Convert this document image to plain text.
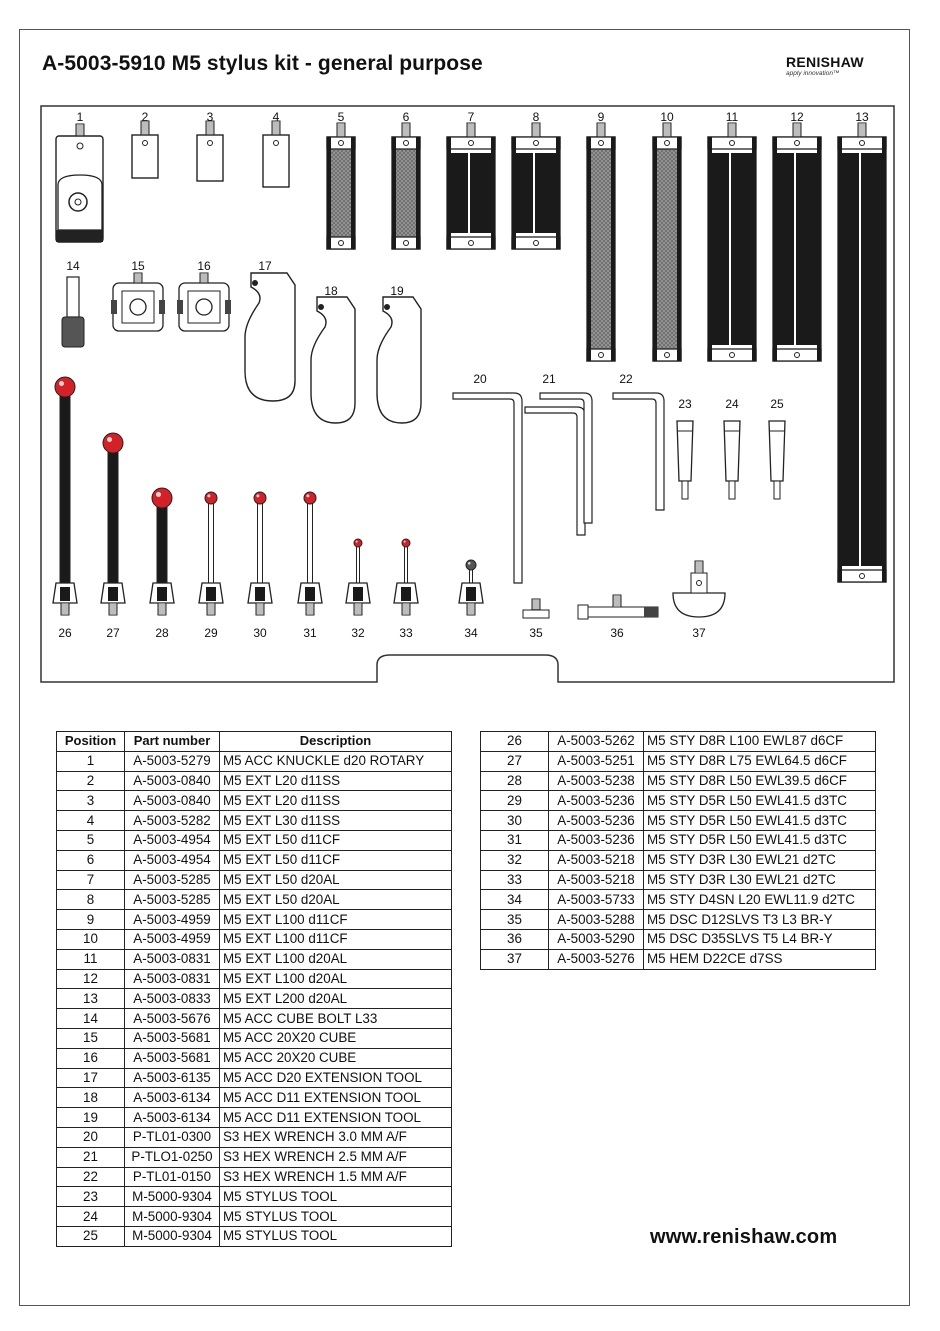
A-5003-5910 M5 stylus kit - general purpose	RENISHAW
apply innovation™
1	2	3	4	5	6	7	8	9	10	11	12	13
14	15	16	17
18	19
20	21	22
23	24	25
26	27	28	29	30	31	32	33	34	35	36	37
Position	Part number	Description
1	A-5003-5279	M5 ACC KNUCKLE d20 ROTARY
2	A-5003-0840	M5 EXT L20 d11SS
3	A-5003-0840	M5 EXT L20 d11SS
4	A-5003-5282	M5 EXT L30 d11SS
5	A-5003-4954	M5 EXT L50 d11CF
6	A-5003-4954	M5 EXT L50 d11CF
7	A-5003-5285	M5 EXT L50 d20AL
8	A-5003-5285	M5 EXT L50 d20AL
9	A-5003-4959	M5 EXT L100 d11CF
10	A-5003-4959	M5 EXT L100 d11CF
11	A-5003-0831	M5 EXT L100 d20AL
12	A-5003-0831	M5 EXT L100 d20AL
13	A-5003-0833	M5 EXT L200 d20AL
14	A-5003-5676	M5 ACC CUBE BOLT L33
15	A-5003-5681	M5 ACC 20X20 CUBE
16	A-5003-5681	M5 ACC 20X20 CUBE
17	A-5003-6135	M5 ACC D20 EXTENSION TOOL
18	A-5003-6134	M5 ACC D11 EXTENSION TOOL
19	A-5003-6134	M5 ACC D11 EXTENSION TOOL
20	P-TL01-0300	S3 HEX WRENCH 3.0 MM A/F
21	P-TLO1-0250	S3 HEX WRENCH 2.5 MM A/F
22	P-TL01-0150	S3 HEX WRENCH 1.5 MM A/F
23	M-5000-9304	M5 STYLUS TOOL
24	M-5000-9304	M5 STYLUS TOOL
25	M-5000-9304	M5 STYLUS TOOL
26	A-5003-5262	M5 STY D8R L100 EWL87 d6CF
27	A-5003-5251	M5 STY D8R L75 EWL64.5 d6CF
28	A-5003-5238	M5 STY D8R L50 EWL39.5 d6CF
29	A-5003-5236	M5 STY D5R L50 EWL41.5 d3TC
30	A-5003-5236	M5 STY D5R L50 EWL41.5 d3TC
31	A-5003-5236	M5 STY D5R L50 EWL41.5 d3TC
32	A-5003-5218	M5 STY D3R L30 EWL21 d2TC
33	A-5003-5218	M5 STY D3R L30 EWL21 d2TC
34	A-5003-5733	M5 STY D4SN L20 EWL11.9 d2TC
35	A-5003-5288	M5 DSC D12SLVS T3 L3 BR-Y
36	A-5003-5290	M5 DSC D35SLVS T5 L4 BR-Y
37	A-5003-5276	M5 HEM D22CE d7SS
www.renishaw.com
